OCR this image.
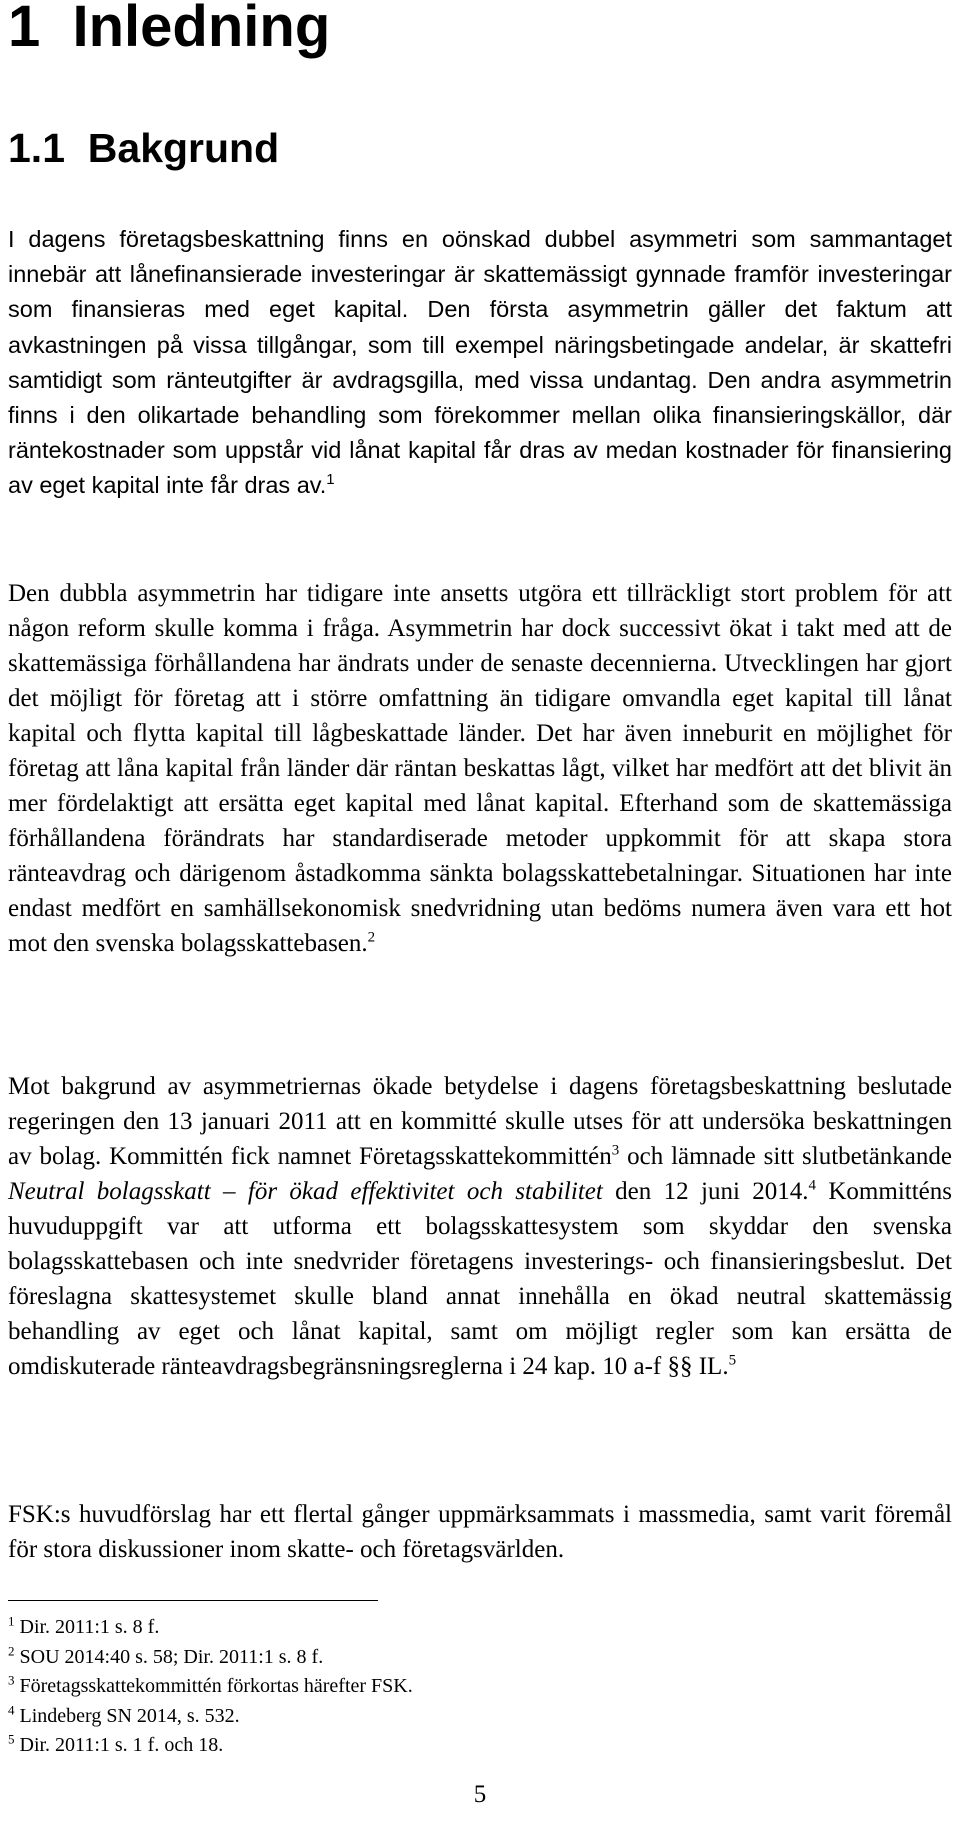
1 Inledning
1.1 Bakgrund

I dagens företagsbeskattning finns en oönskad dubbel asymmetri som sammantaget innebär att lånefinansierade investeringar är skattemässigt gynnade framför investeringar som finansieras med eget kapital. Den första asymmetrin gäller det faktum att avkastningen på vissa tillgångar, som till exempel näringsbetingade andelar, är skattefri samtidigt som ränteutgifter är avdragsgilla, med vissa undantag. Den andra asymmetrin finns i den olikartade behandling som förekommer mellan olika finansieringskällor, där räntekostnader som uppstår vid lånat kapital får dras av medan kostnader för finansiering av eget kapital inte får dras av.$^1$

Den dubbla asymmetrin har tidigare inte ansetts utgöra ett tillräckligt stort problem för att någon reform skulle komma i fråga. Asymmetrin har dock successivt ökat i takt med att de skattemässiga förhållandena har ändrats under de senaste decennierna. Utvecklingen har gjort det möjligt för företag att i större omfattning än tidigare omvandla eget kapital till lånat kapital och flytta kapital till lågbeskattade länder. Det har även inneburit en möjlighet för företag att låna kapital från länder där räntan beskattas lågt, vilket har medfört att det blivit än mer fördelaktigt att ersätta eget kapital med lånat kapital. Efterhand som de skattemässiga förhållandena förändrats har standardiserade metoder uppkommit för att skapa stora ränteavdrag och därigenom åstadkomma sänkta bolagsskattebetalningar. Situationen har inte endast medfört en samhällsekonomisk snedvridning utan bedöms numera även vara ett hot mot den svenska bolagsskattebasen.$^2$

Mot bakgrund av asymmetriernas ökade betydelse i dagens företagsbeskattning beslutade regeringen den 13 januari 2011 att en kommitté skulle utses för att undersöka beskattningen av bolag. Kommittén fick namnet Företagsskattekommittén$^3$ och lämnade sitt slutbetänkande Neutral bolagsskatt – för ökad effektivitet och stabilitet den 12 juni 2014.$^4$ Kommitténs huvuduppgift var att utforma ett bolagsskattesystem som skyddar den svenska bolagsskattebasen och inte snedvrider företagens investerings- och finansieringsbeslut. Det föreslagna skattesystemet skulle bland annat innehålla en ökad neutral skattemässig behandling av eget och lånat kapital, samt om möjligt regler som kan ersätta de omdiskuterade ränteavdragsbegränsningsreglerna i 24 kap. 10 a-f §§ IL.$^5$

FSK:s huvudförslag har ett flertal gånger uppmärksammats i massmedia, samt varit föremål för stora diskussioner inom skatte- och företagsvärlden.

$^1$ Dir. 2011:1 s. 8 f.
$^2$ SOU 2014:40 s. 58; Dir. 2011:1 s. 8 f.
$^3$ Företagsskattekommittén förkortas härefter FSK.
$^4$ Lindeberg SN 2014, s. 532.
$^5$ Dir. 2011:1 s. 1 f. och 18.
5
